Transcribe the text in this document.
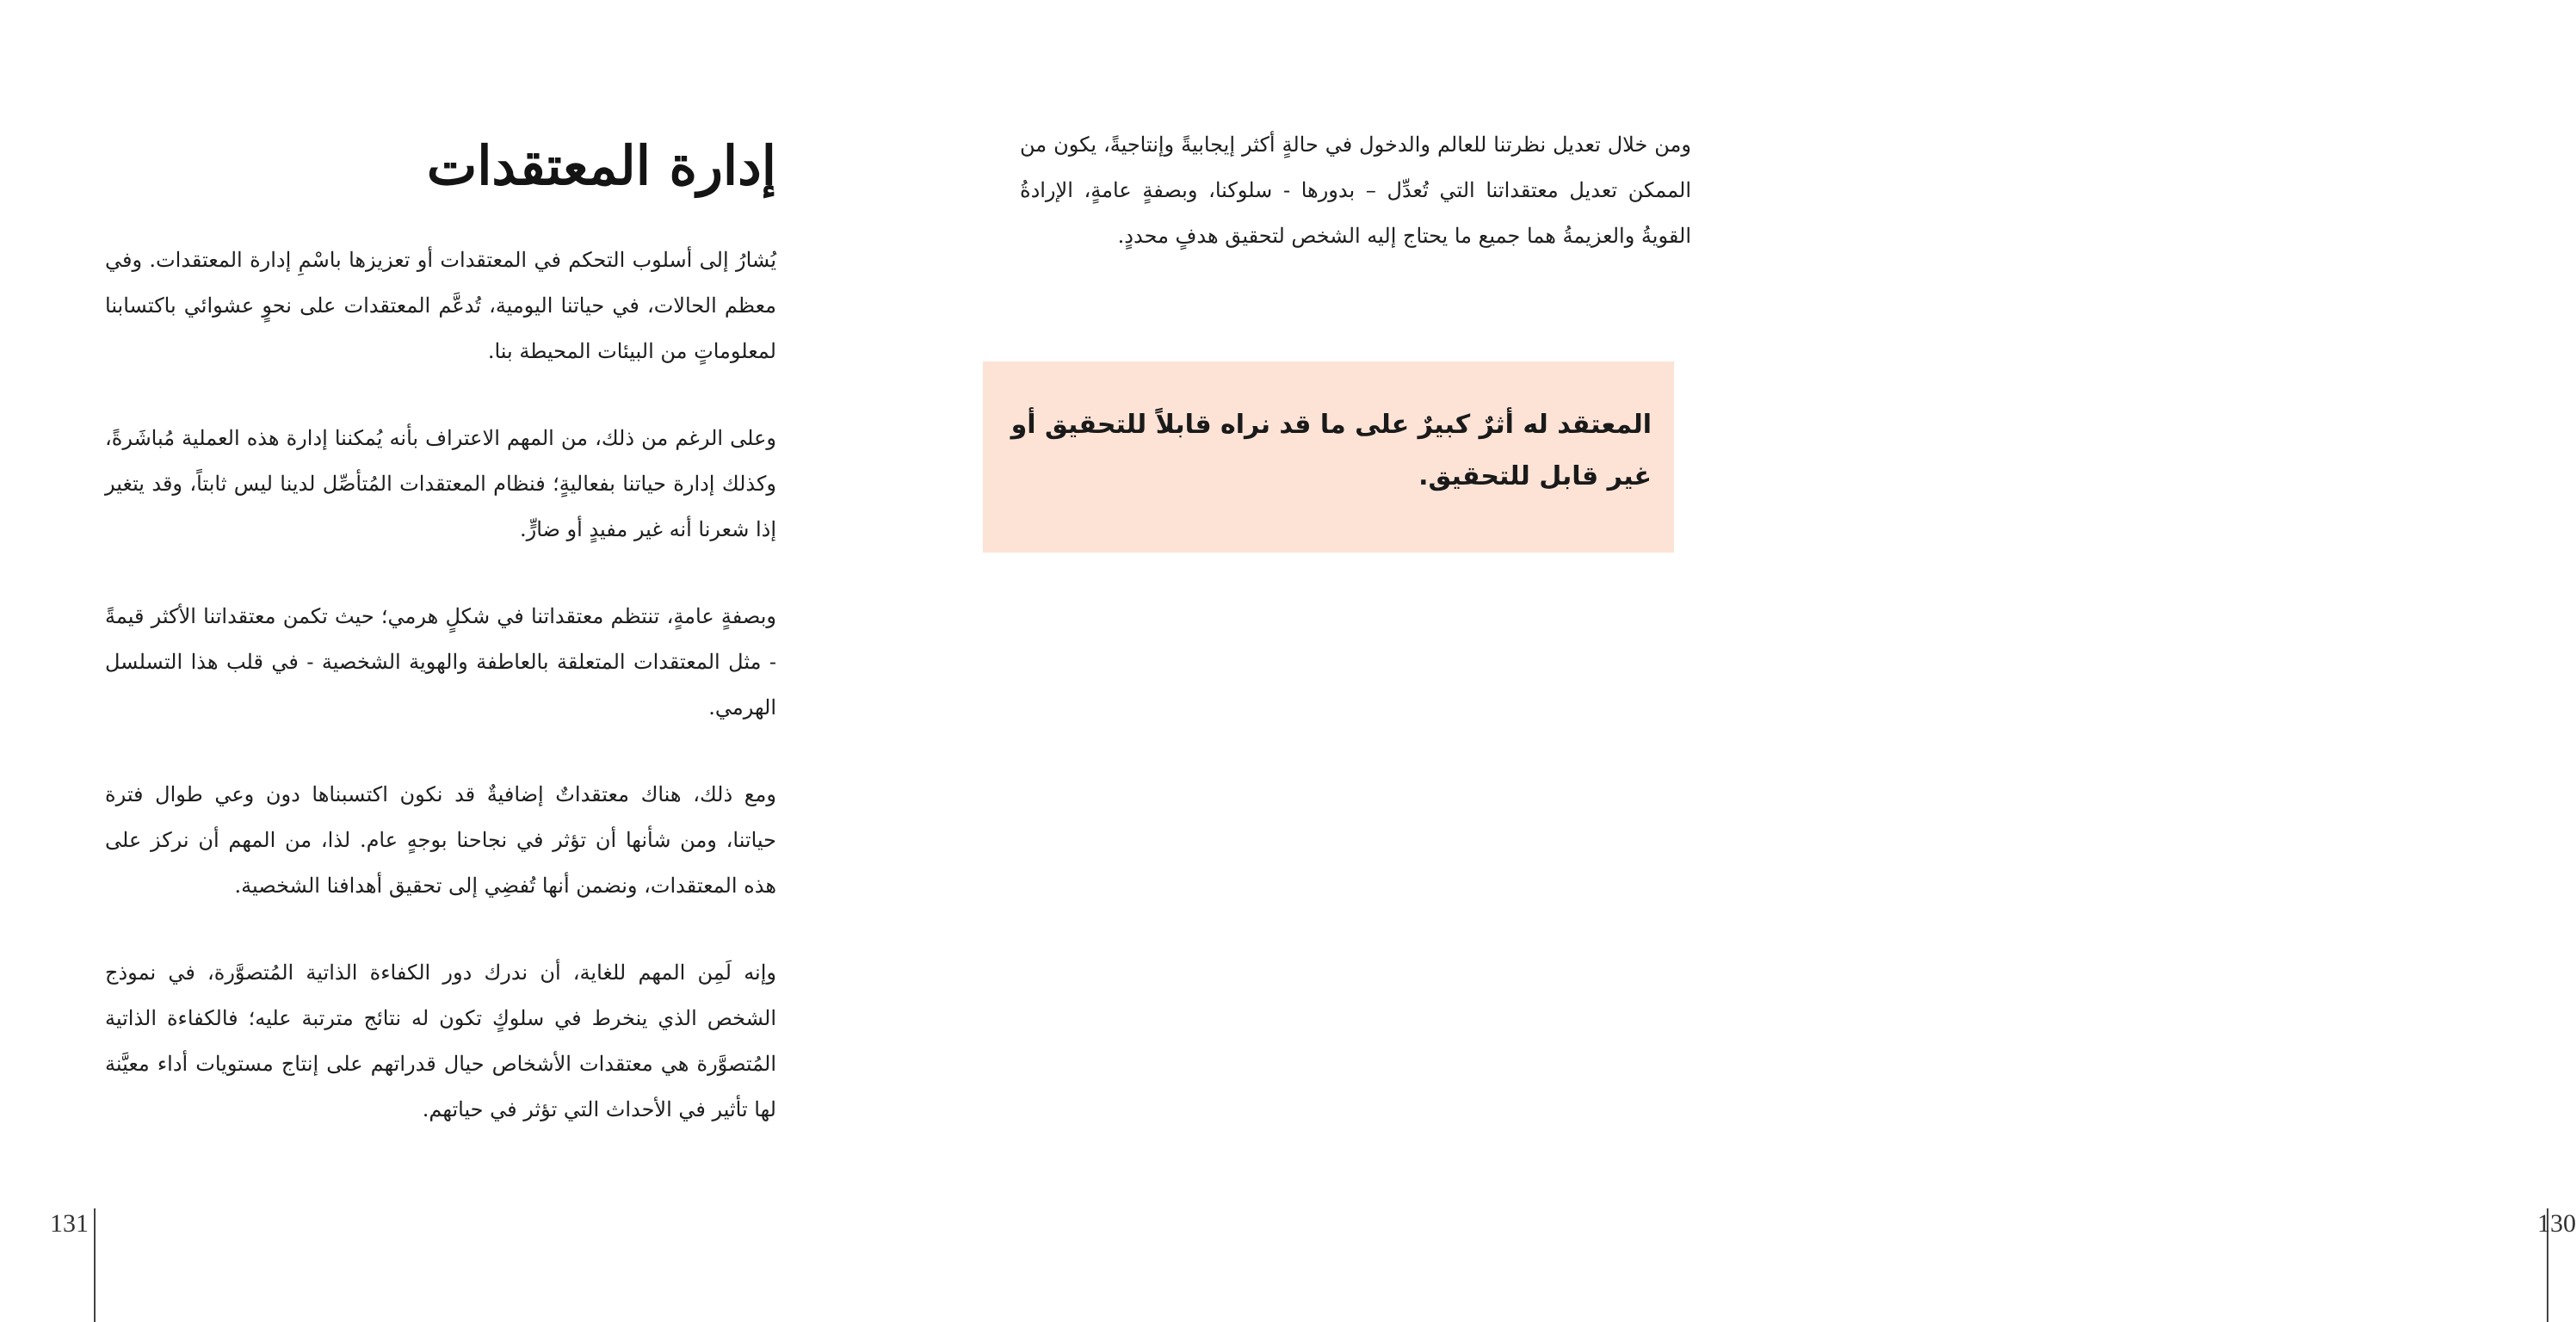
إدارة المعتقدات

يُشارُ إلى أسلوب التحكم في المعتقدات أو تعزيزها باسْمِ إدارة المعتقدات. وفي معظم الحالات، في حياتنا اليومية، تُدعَّم المعتقدات على نحوٍ عشوائي باكتسابنا لمعلوماتٍ من البيئات المحيطة بنا.

وعلى الرغم من ذلك، من المهم الاعتراف بأنه يُمكننا إدارة هذه العملية مُباشَرةً، وكذلك إدارة حياتنا بفعاليةٍ؛ فنظام المعتقدات المُتأصِّل لدينا ليس ثابتاً، وقد يتغير إذا شعرنا أنه غير مفيدٍ أو ضارٍّ.

وبصفةٍ عامةٍ، تنتظم معتقداتنا في شكلٍ هرمي؛ حيث تكمن معتقداتنا الأكثر قيمةً - مثل المعتقدات المتعلقة بالعاطفة والهوية الشخصية - في قلب هذا التسلسل الهرمي.

ومع ذلك، هناك معتقداتٌ إضافيةٌ قد نكون اكتسبناها دون وعي طوال فترة حياتنا، ومن شأنها أن تؤثر في نجاحنا بوجهٍ عام. لذا، من المهم أن نركز على هذه المعتقدات، ونضمن أنها تُفضِي إلى تحقيق أهدافنا الشخصية.

وإنه لَمِن المهم للغاية، أن ندرك دور الكفاءة الذاتية المُتصوَّرة، في نموذج الشخص الذي ينخرط في سلوكٍ تكون له نتائج مترتبة عليه؛ فالكفاءة الذاتية المُتصوَّرة هي معتقدات الأشخاص حيال قدراتهم على إنتاج مستويات أداء معيَّنة لها تأثير في الأحداث التي تؤثر في حياتهم.

131

ومن خلال تعديل نظرتنا للعالم والدخول في حالةٍ أكثر إيجابيةً وإنتاجيةً، يكون من الممكن تعديل معتقداتنا التي تُعدِّل – بدورها - سلوكنا، وبصفةٍ عامةٍ، الإرادةُ القويةُ والعزيمةُ هما جميع ما يحتاج إليه الشخص لتحقيق هدفٍ محددٍ.

المعتقد له أثرٌ كبيرٌ على ما قد نراه قابلاً للتحقيق أو غير قابل للتحقيق.

130
